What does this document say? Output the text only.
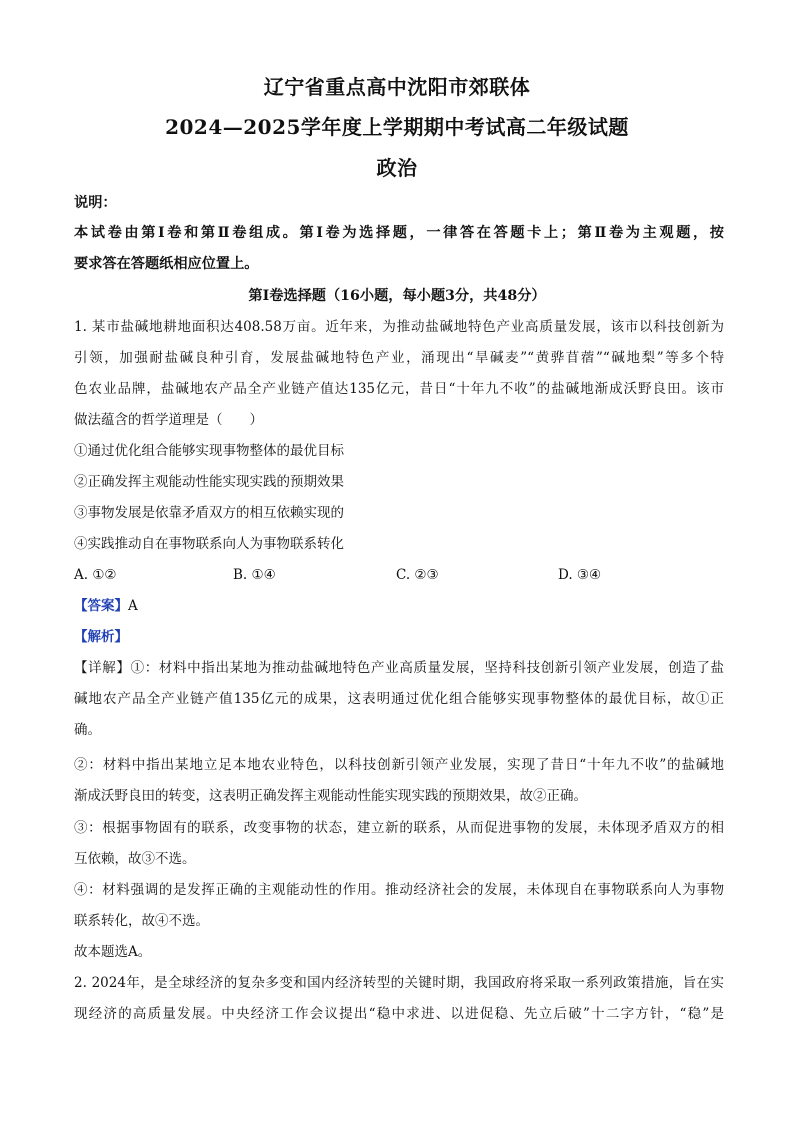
辽宁省重点高中沈阳市郊联体
2024—2025学年度上学期期中考试高二年级试题
政治
说明：
本试卷由第Ⅰ卷和第Ⅱ卷组成。第Ⅰ卷为选择题，一律答在答题卡上；第Ⅱ卷为主观题，按
要求答在答题纸相应位置上。
第Ⅰ卷选择题（16小题，每小题3分，共48分）
1. 某市盐碱地耕地面积达408.58万亩。近年来，为推动盐碱地特色产业高质量发展，该市以科技创新为
引领，加强耐盐碱良种引育，发展盐碱地特色产业，涌现出“旱碱麦”“黄骅苜蓿”“碱地梨”等多个特
色农业品牌，盐碱地农产品全产业链产值达135亿元，昔日“十年九不收”的盐碱地渐成沃野良田。该市
做法蕴含的哲学道理是（　　）
①通过优化组合能够实现事物整体的最优目标
②正确发挥主观能动性能实现实践的预期效果
③事物发展是依靠矛盾双方的相互依赖实现的
④实践推动自在事物联系向人为事物联系转化
A. ①②	B. ①④	C. ②③	D. ③④
【答案】A
【解析】
【详解】①：材料中指出某地为推动盐碱地特色产业高质量发展，坚持科技创新引领产业发展，创造了盐
碱地农产品全产业链产值135亿元的成果，这表明通过优化组合能够实现事物整体的最优目标，故①正
确。
②：材料中指出某地立足本地农业特色，以科技创新引领产业发展，实现了昔日“十年九不收”的盐碱地
渐成沃野良田的转变，这表明正确发挥主观能动性能实现实践的预期效果，故②正确。
③：根据事物固有的联系，改变事物的状态，建立新的联系，从而促进事物的发展，未体现矛盾双方的相
互依赖，故③不选。
④：材料强调的是发挥正确的主观能动性的作用。推动经济社会的发展，未体现自在事物联系向人为事物
联系转化，故④不选。
故本题选A。
2. 2024年，是全球经济的复杂多变和国内经济转型的关键时期，我国政府将采取一系列政策措施，旨在实
现经济的高质量发展。中央经济工作会议提出“稳中求进、以进促稳、先立后破”十二字方针，“稳”是
